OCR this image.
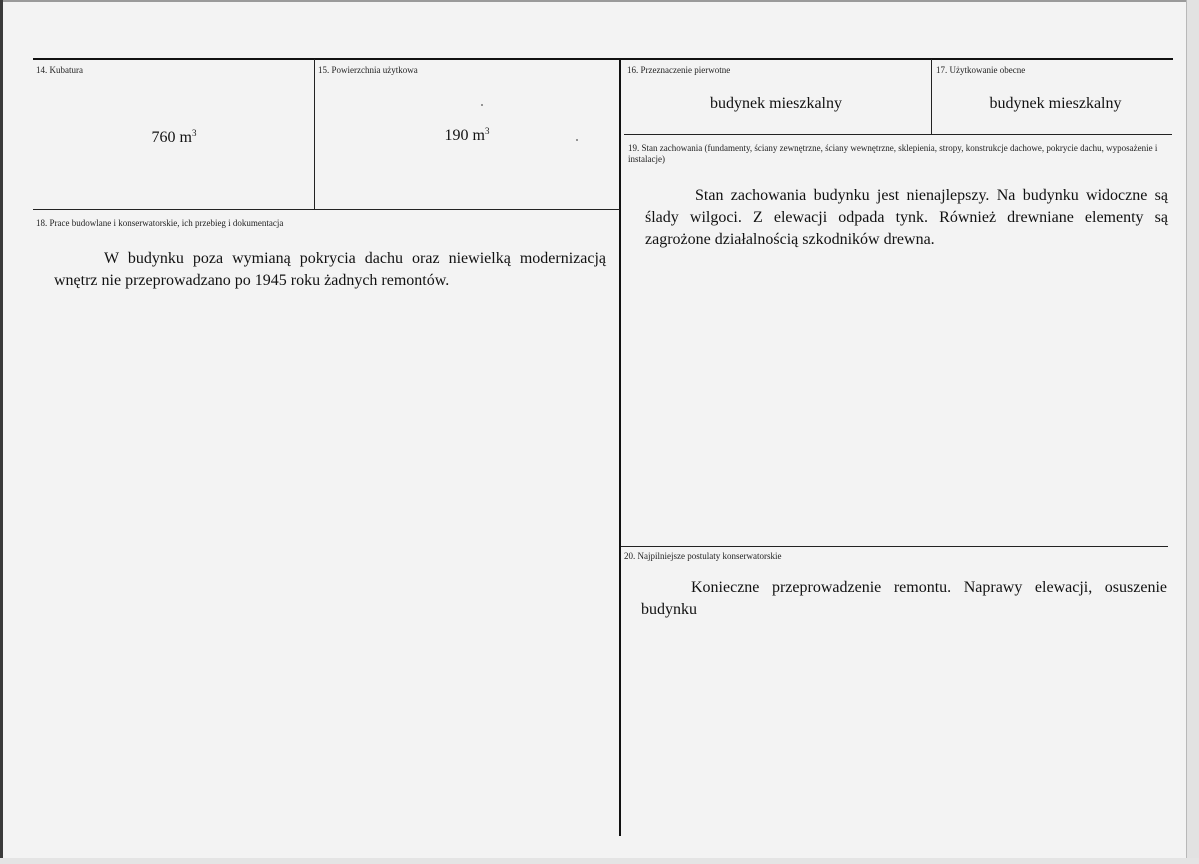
14. Kubatura
760 $m^3$
15. Powierzchnia użytkowa
190 $m^3$
16. Przeznaczenie pierwotne
budynek mieszkalny
17. Użytkowanie obecne
budynek mieszkalny
19. Stan zachowania (fundamenty, ściany zewnętrzne, ściany wewnętrzne, sklepienia, stropy, konstrukcje dachowe, pokrycie dachu, wyposażenie i instalacje)
Stan zachowania budynku jest nienajlepszy. Na budynku widoczne są ślady wilgoci. Z elewacji odpada tynk. Również drewniane elementy są zagrożone działalnością szkodników drewna.
18. Prace budowlane i konserwatorskie, ich przebieg i dokumentacja
W budynku poza wymianą pokrycia dachu oraz niewielką modernizacją wnętrz nie przeprowadzano po 1945 roku żadnych remontów.
20. Najpilniejsze postulaty konserwatorskie
Konieczne przeprowadzenie remontu. Naprawy elewacji, osuszenie budynku
